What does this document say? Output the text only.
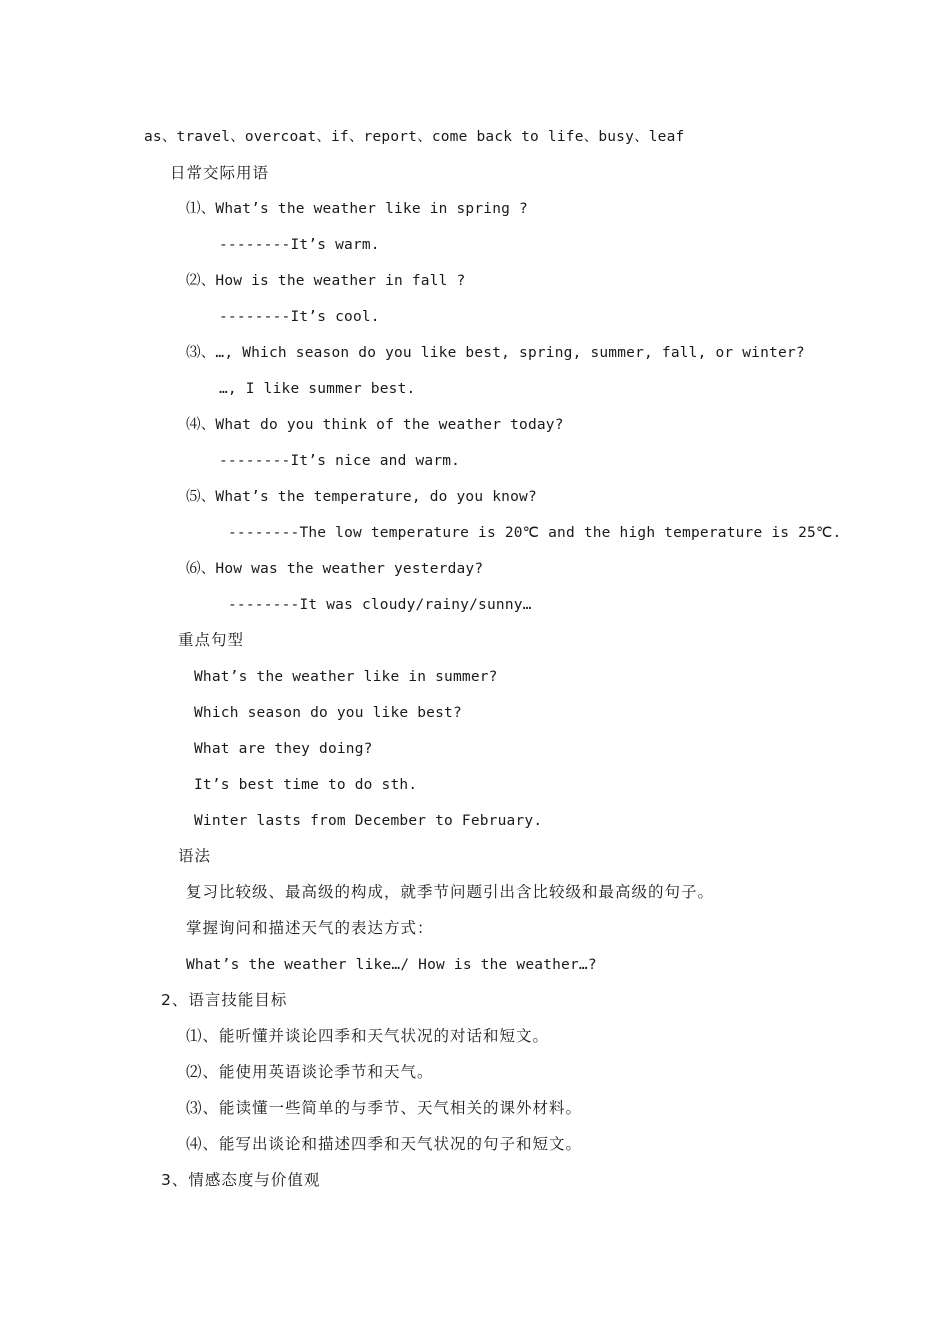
as、travel、overcoat、if、report、come back to life、busy、leaf
日常交际用语
⑴、What’s the weather like in spring ?
--------It’s warm.
⑵、How is the weather in fall ?
--------It’s cool.
⑶、…, Which season do you like best, spring, summer, fall, or winter?
…, I like summer best.
⑷、What do you think of the weather today?
--------It’s nice and warm.
⑸、What’s the temperature, do you know?
--------The low temperature is 20℃ and the high temperature is 25℃.
⑹、How was the weather yesterday?
--------It was cloudy/rainy/sunny…
重点句型
What’s the weather like in summer?
Which season do you like best?
What are they doing?
It’s best time to do sth.
Winter lasts from December to February.
语法
复习比较级、最高级的构成，就季节问题引出含比较级和最高级的句子。
掌握询问和描述天气的表达方式：
What’s the weather like…/ How is the weather…?
2、语言技能目标
⑴、能听懂并谈论四季和天气状况的对话和短文。
⑵、能使用英语谈论季节和天气。
⑶、能读懂一些简单的与季节、天气相关的课外材料。
⑷、能写出谈论和描述四季和天气状况的句子和短文。
3、情感态度与价值观
